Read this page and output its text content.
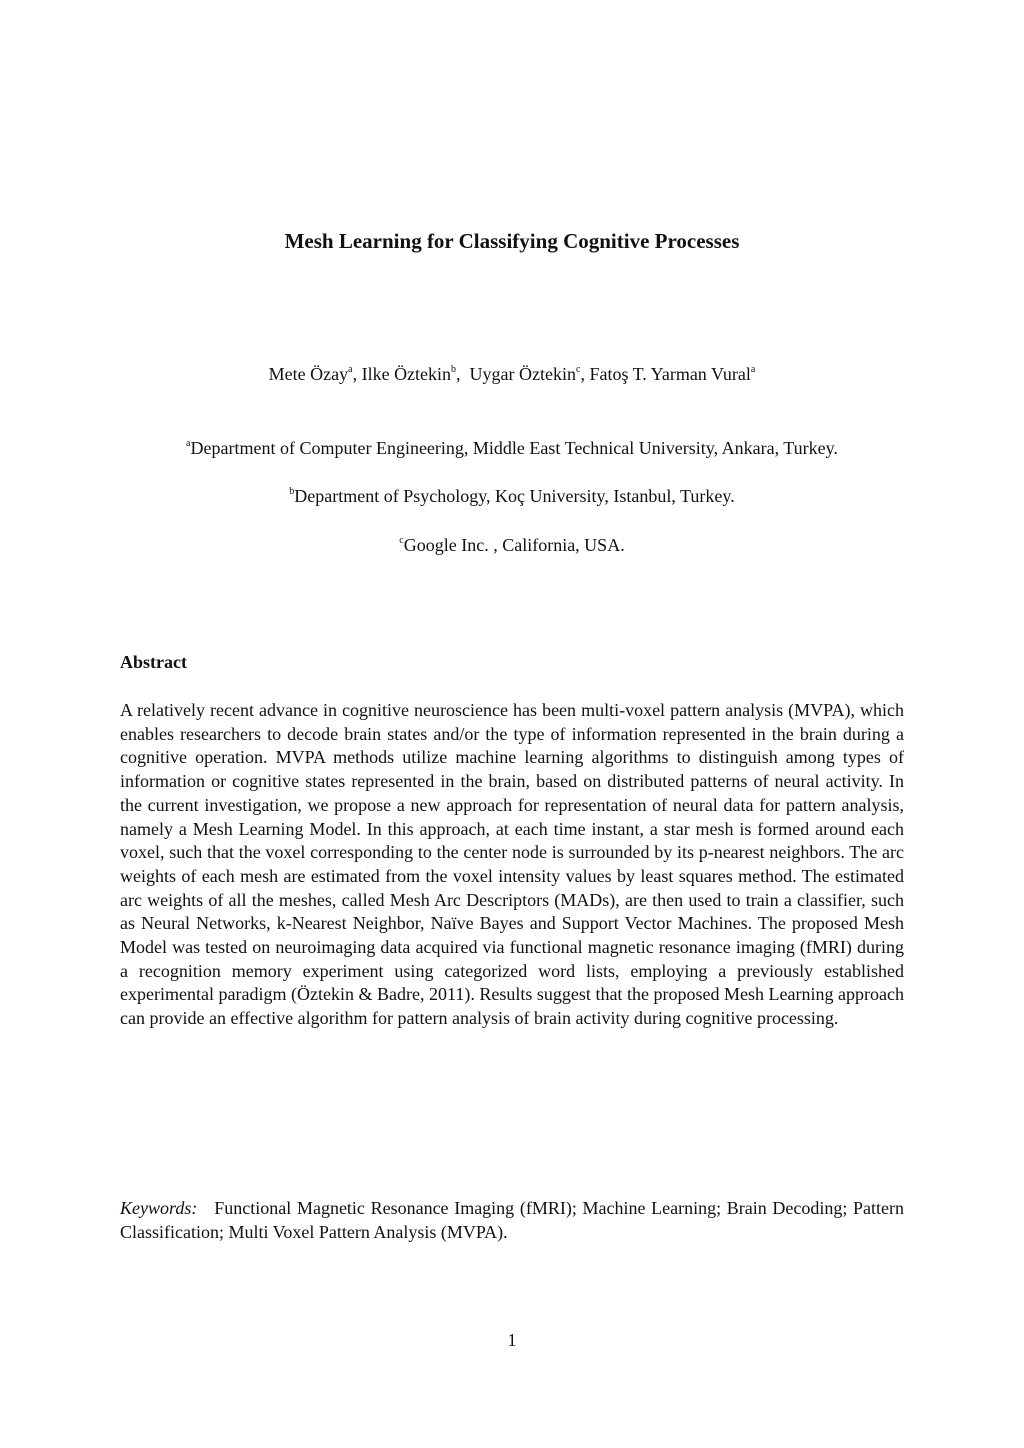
Mesh Learning for Classifying Cognitive Processes
Mete Özay$^a$, Ilke Öztekin$^b$,  Uygar Öztekin$^c$, Fatoş T. Yarman Vural$^a$
$^a$Department of Computer Engineering, Middle East Technical University, Ankara, Turkey.
$^b$Department of Psychology, Koç University, Istanbul, Turkey.
$^c$Google Inc. , California, USA.
Abstract

A relatively recent advance in cognitive neuroscience has been multi-voxel pattern analysis (MVPA), which enables researchers to decode brain states and/or the type of information represented in the brain during a cognitive operation. MVPA methods utilize machine learning algorithms to distinguish among types of information or cognitive states represented in the brain, based on distributed patterns of neural activity. In the current investigation, we propose a new approach for representation of neural data for pattern analysis, namely a Mesh Learning Model. In this approach, at each time instant, a star mesh is formed around each voxel, such that the voxel corresponding to the center node is surrounded by its p-nearest neighbors. The arc weights of each mesh are estimated from the voxel intensity values by least squares method. The estimated arc weights of all the meshes, called Mesh Arc Descriptors (MADs), are then used to train a classifier, such as Neural Networks, k-Nearest Neighbor, Naïve Bayes and Support Vector Machines. The proposed Mesh Model was tested on neuroimaging data acquired via functional magnetic resonance imaging (fMRI) during a recognition memory experiment using categorized word lists, employing a previously established experimental paradigm (Öztekin & Badre, 2011). Results suggest that the proposed Mesh Learning approach can provide an effective algorithm for pattern analysis of brain activity during cognitive processing.

Keywords: Functional Magnetic Resonance Imaging (fMRI); Machine Learning; Brain Decoding; Pattern Classification; Multi Voxel Pattern Analysis (MVPA).

1
